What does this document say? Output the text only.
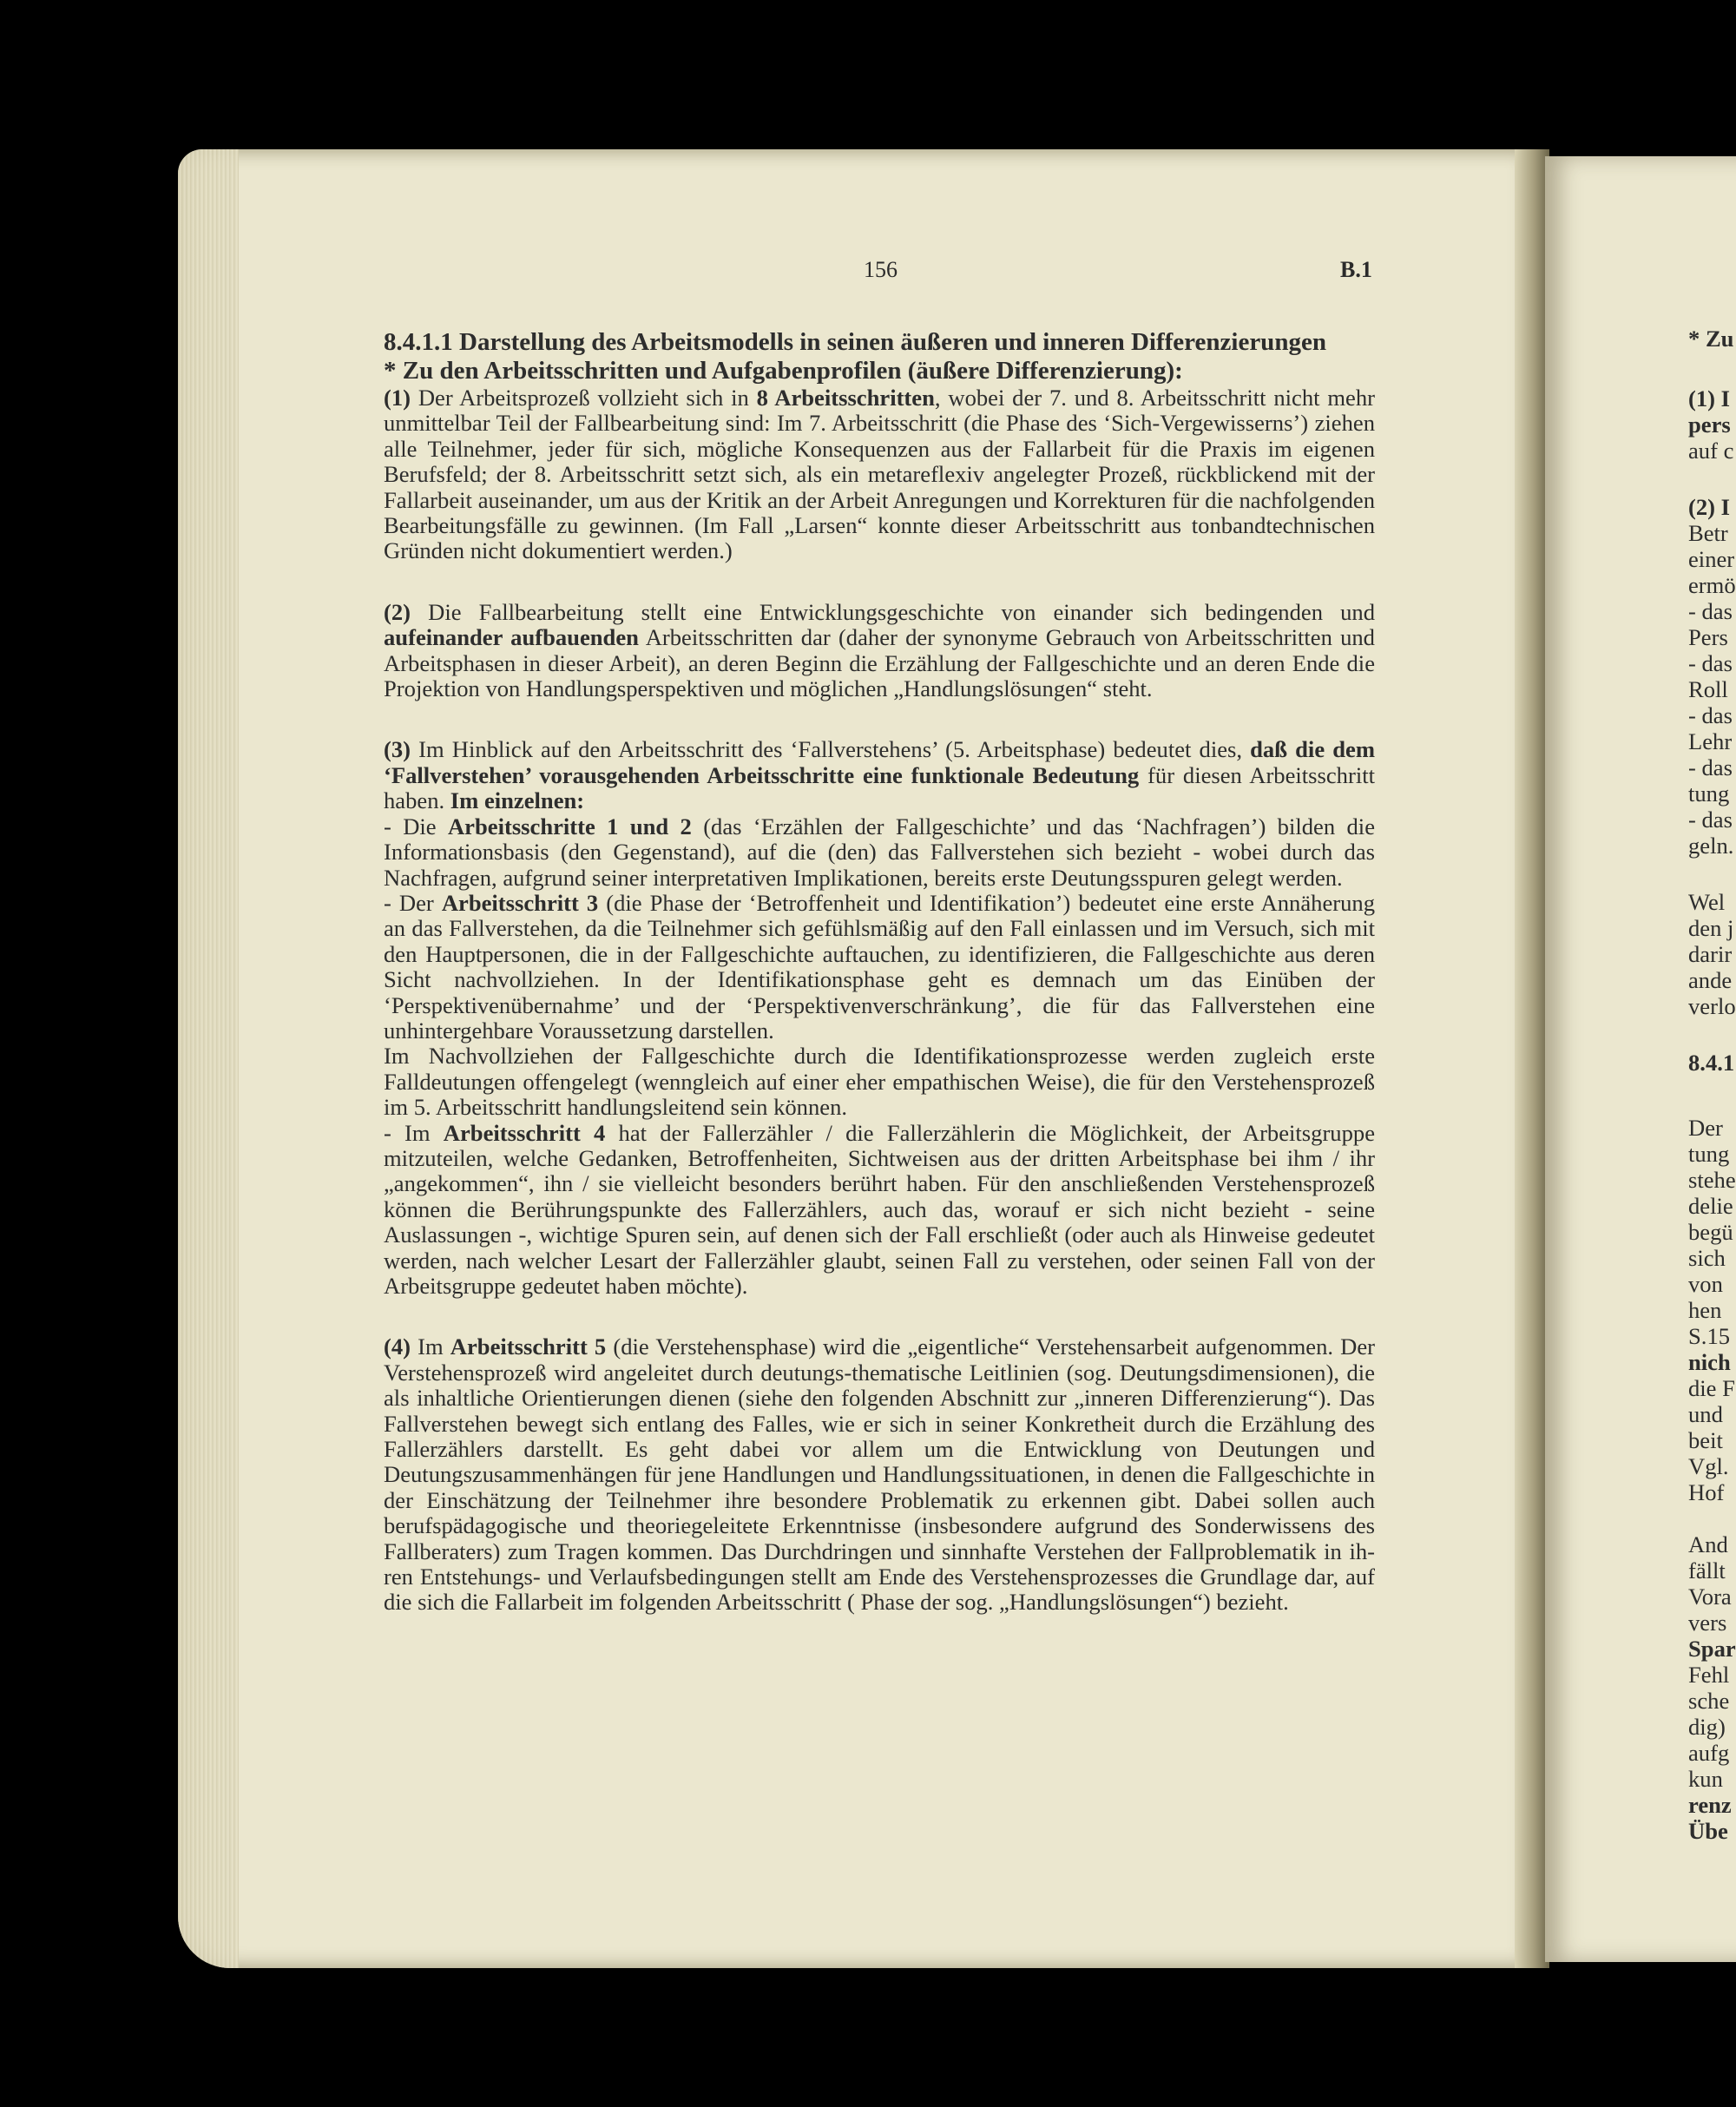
156	B.1

8.4.1.1 Darstellung des Arbeitsmodells in seinen äußeren und inneren Differenzierungen

* Zu den Arbeitsschritten und Aufgabenprofilen (äußere Differenzierung):

(1) Der Arbeitsprozeß vollzieht sich in 8 Arbeitsschritten, wobei der 7. und 8. Arbeitsschritt nicht mehr unmittelbar Teil der Fallbearbeitung sind: Im 7. Arbeitsschritt (die Phase des ‘Sich-Vergewisserns’) ziehen alle Teilnehmer, jeder für sich, mögliche Konsequenzen aus der Fallarbeit für die Praxis im eigenen Berufsfeld; der 8. Arbeitsschritt setzt sich, als ein metareflexiv angelegter Prozeß, rückblickend mit der Fallarbeit auseinander, um aus der Kritik an der Arbeit Anregungen und Korrekturen für die nachfolgenden Bearbeitungsfälle zu gewinnen. (Im Fall „Larsen“ konnte dieser Arbeitsschritt aus tonbandtechnischen Gründen nicht dokumentiert werden.)

(2) Die Fallbearbeitung stellt eine Entwicklungsgeschichte von einander sich bedingenden und aufeinander aufbauenden Arbeitsschritten dar (daher der synonyme Gebrauch von Arbeitsschritten und Arbeitsphasen in dieser Arbeit), an deren Beginn die Erzählung der Fallgeschichte und an deren Ende die Projektion von Handlungsperspektiven und möglichen „Handlungslösungen“ steht.

(3) Im Hinblick auf den Arbeitsschritt des ‘Fallverstehens’ (5. Arbeitsphase) bedeutet dies, daß die dem ‘Fallverstehen’ vorausgehenden Arbeitsschritte eine funktionale Bedeutung für diesen Arbeitsschritt haben. Im einzelnen:

- Die Arbeitsschritte 1 und 2 (das ‘Erzählen der Fallgeschichte’ und das ‘Nachfragen’) bilden die Informationsbasis (den Gegenstand), auf die (den) das Fallverstehen sich bezieht - wobei durch das Nachfragen, aufgrund seiner interpretativen Implikationen, bereits erste Deutungsspuren gelegt werden.

- Der Arbeitsschritt 3 (die Phase der ‘Betroffenheit und Identifikation’) bedeutet eine erste Annäherung an das Fallverstehen, da die Teilnehmer sich gefühlsmäßig auf den Fall einlassen und im Versuch, sich mit den Hauptpersonen, die in der Fallgeschichte auftauchen, zu identifizieren, die Fallgeschichte aus deren Sicht nachvollziehen. In der Identifikationsphase geht es demnach um das Einüben der ‘Perspektivenübernahme’ und der ‘Perspektivenverschränkung’, die für das Fallverstehen eine unhintergehbare Voraussetzung darstellen.

Im Nachvollziehen der Fallgeschichte durch die Identifikationsprozesse werden zugleich erste Falldeutungen offengelegt (wenngleich auf einer eher empathischen Weise), die für den Verstehensprozeß im 5. Arbeitsschritt handlungsleitend sein können.

- Im Arbeitsschritt 4 hat der Fallerzähler / die Fallerzählerin die Möglichkeit, der Arbeitsgruppe mitzuteilen, welche Gedanken, Betroffenheiten, Sichtweisen aus der dritten Arbeitsphase bei ihm / ihr „angekommen“, ihn / sie vielleicht besonders berührt haben. Für den anschließenden Verstehensprozeß können die Berührungspunkte des Fallerzählers, auch das, worauf er sich nicht bezieht - seine Auslassungen -, wichtige Spuren sein, auf denen sich der Fall erschließt (oder auch als Hinweise gedeutet werden, nach welcher Lesart der Fallerzähler glaubt, seinen Fall zu verstehen, oder seinen Fall von der Arbeitsgruppe gedeutet haben möchte).

(4) Im Arbeitsschritt 5 (die Verstehensphase) wird die „eigentliche“ Verstehensarbeit aufgenommen. Der Verstehensprozeß wird angeleitet durch deutungs-thematische Leitlinien (sog. Deutungsdimensionen), die als inhaltliche Orientierungen dienen (siehe den folgenden Abschnitt zur „inneren Differenzierung“). Das Fallverstehen bewegt sich entlang des Falles, wie er sich in seiner Konkretheit durch die Erzählung des Fallerzählers darstellt. Es geht dabei vor allem um die Entwicklung von Deutungen und Deutungszusammenhängen für jene Handlungen und Handlungssituationen, in denen die Fallgeschichte in der Einschätzung der Teilnehmer ihre besondere Problematik zu erkennen gibt. Dabei sollen auch berufspädagogische und theoriegeleitete Erkenntnisse (insbesondere aufgrund des Sonderwissens des Fallberaters) zum Tragen kommen. Das Durchdringen und sinnhafte Verstehen der Fallproblematik in ihren Entstehungs- und Verlaufsbedingungen stellt am Ende des Verstehensprozesses die Grundlage dar, auf die sich die Fallarbeit im folgenden Arbeitsschritt ( Phase der sog. „Handlungslösungen“) bezieht.

* Zu
(1) I
pers
auf c
(2) I
Betr
einer
ermö
- das
Pers
- das
Roll
- das
Lehr
- das
tung
- das
geln.
Wel
den j
darir
ande
verlo
8.4.1
Der
tung
stehe
delie
begü
sich
von
hen
S.15
nich
die F
und
beit
Vgl.
Hof
And
fällt
Vora
vers
Spar
Fehl
sche
dig)
aufg
kun
renz
Übe
